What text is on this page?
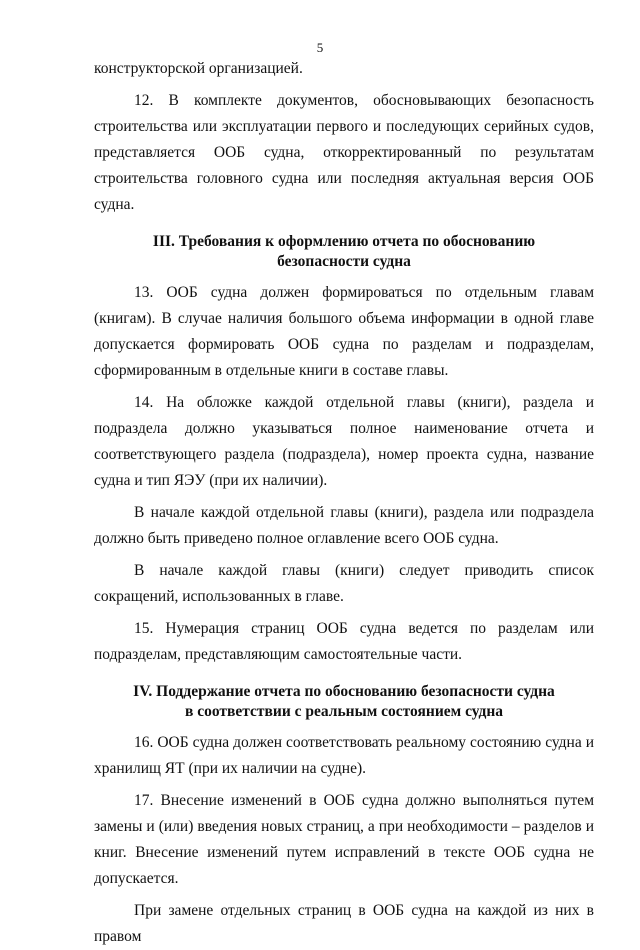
5

конструкторской организацией.

12. В комплекте документов, обосновывающих безопасность строительства или эксплуатации первого и последующих серийных судов, представляется ООБ судна, откорректированный по результатам строительства головного судна или последняя актуальная версия ООБ судна.

III. Требования к оформлению отчета по обоснованию
безопасности судна

13. ООБ судна должен формироваться по отдельным главам (книгам). В случае наличия большого объема информации в одной главе допускается формировать ООБ судна по разделам и подразделам, сформированным в отдельные книги в составе главы.

14. На обложке каждой отдельной главы (книги), раздела и подраздела должно указываться полное наименование отчета и соответствующего раздела (подраздела), номер проекта судна, название судна и тип ЯЭУ (при их наличии).

В начале каждой отдельной главы (книги), раздела или подраздела должно быть приведено полное оглавление всего ООБ судна.

В начале каждой главы (книги) следует приводить список сокращений, использованных в главе.

15. Нумерация страниц ООБ судна ведется по разделам или подразделам, представляющим самостоятельные части.

IV. Поддержание отчета по обоснованию безопасности судна
в соответствии с реальным состоянием судна

16. ООБ судна должен соответствовать реальному состоянию судна и хранилищ ЯТ (при их наличии на судне).

17. Внесение изменений в ООБ судна должно выполняться путем замены и (или) введения новых страниц, а при необходимости – разделов и книг. Внесение изменений путем исправлений в тексте ООБ судна не допускается.

При замене отдельных страниц в ООБ судна на каждой из них в правом
